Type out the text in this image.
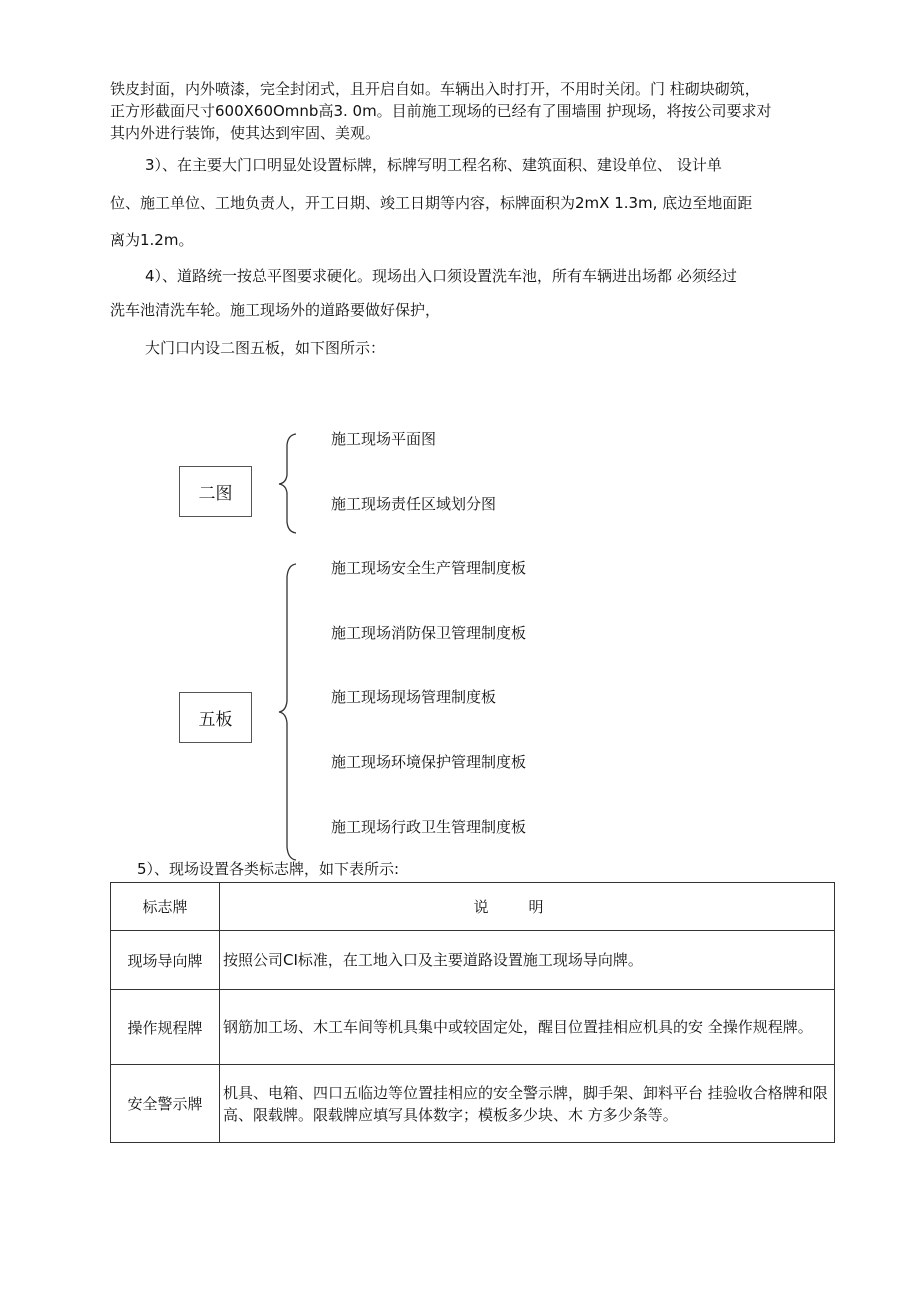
铁皮封面，内外喷漆，完全封闭式，且开启自如。车辆出入时打开，不用时关闭。门 柱砌块砌筑，
正方形截面尺寸600X60Omnb高3. 0m。目前施工现场的已经有了围墙围 护现场，将按公司要求对
其内外进行装饰，使其达到牢固、美观。
3）、在主要大门口明显处设置标牌，标牌写明工程名称、建筑面积、建设单位、 设计单
位、施工单位、工地负责人，开工日期、竣工日期等内容，标牌面积为2mX 1.3m, 底边至地面距
离为1.2m。
4）、道路统一按总平图要求硬化。现场出入口须设置洗车池，所有车辆进出场都 必须经过
洗车池清洗车轮。施工现场外的道路要做好保护，
大门口内设二图五板，如下图所示：
二图
施工现场平面图
施工现场责任区域划分图
五板
施工现场安全生产管理制度板
施工现场消防保卫管理制度板
施工现场现场管理制度板
施工现场环境保护管理制度板
施工现场行政卫生管理制度板
5）、现场设置各类标志牌，如下表所示:
标志牌	说明
现场导向牌	按照公司CI标准，在工地入口及主要道路设置施工现场导向牌。
操作规程牌	钢筋加工场、木工车间等机具集中或较固定处，醒目位置挂相应机具的安 全操作规程牌。
安全警示牌	机具、电箱、四口五临边等位置挂相应的安全警示牌，脚手架、卸料平台 挂验收合格牌和限高、限载牌。限载牌应填写具体数字；模板多少块、木 方多少条等。
